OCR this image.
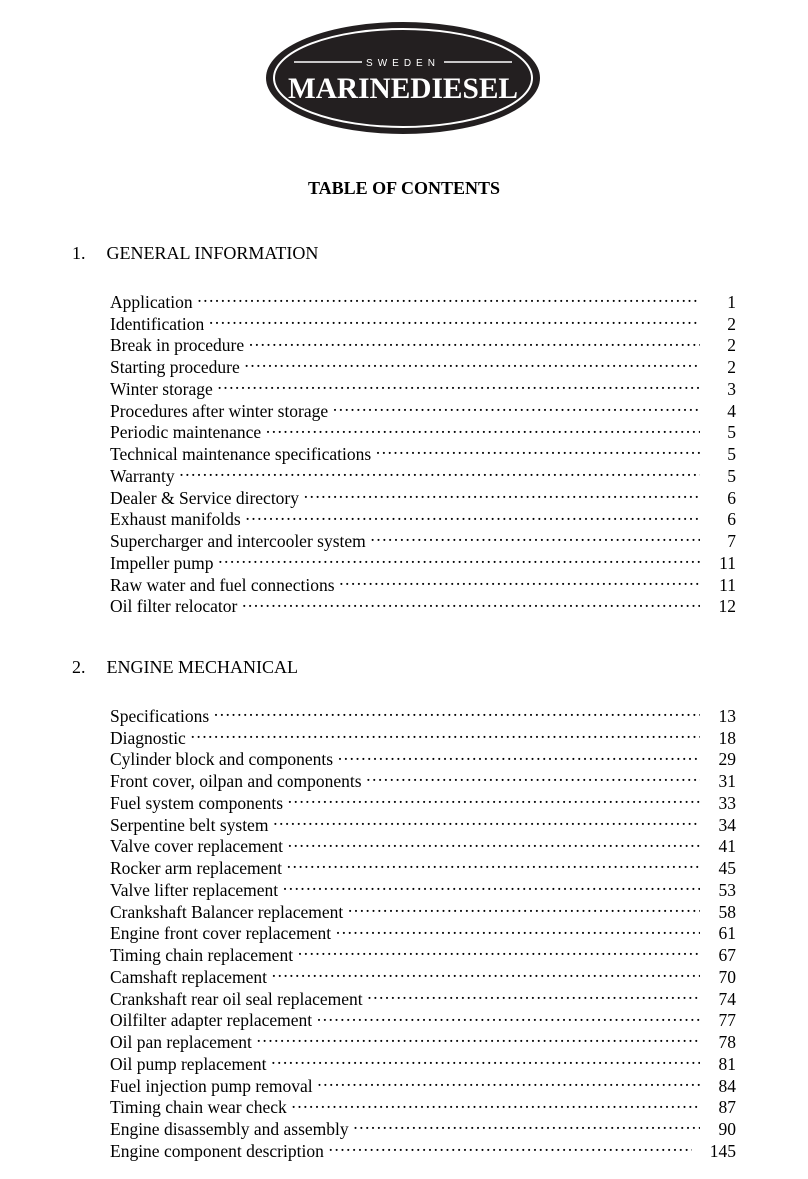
SWEDEN
MARINEDIESEL
TABLE OF CONTENTS
1. GENERAL INFORMATION
Application ……………………………………………………………………………………………………………………………………………………………………	1
Identification ……………………………………………………………………………………………………………………………………………………………………	2
Break in procedure ……………………………………………………………………………………………………………………………………………………………………	2
Starting procedure ……………………………………………………………………………………………………………………………………………………………………	2
Winter storage ……………………………………………………………………………………………………………………………………………………………………	3
Procedures after winter storage ……………………………………………………………………………………………………………………………………………………………………	4
Periodic maintenance ……………………………………………………………………………………………………………………………………………………………………	5
Technical maintenance specifications ……………………………………………………………………………………………………………………………………………………………………	5
Warranty ……………………………………………………………………………………………………………………………………………………………………	5
Dealer & Service directory ……………………………………………………………………………………………………………………………………………………………………	6
Exhaust manifolds ……………………………………………………………………………………………………………………………………………………………………	6
Supercharger and intercooler system ……………………………………………………………………………………………………………………………………………………………………	7
Impeller pump ……………………………………………………………………………………………………………………………………………………………………	11
Raw water and fuel connections ……………………………………………………………………………………………………………………………………………………………………	11
Oil filter relocator ……………………………………………………………………………………………………………………………………………………………………	12
2. ENGINE MECHANICAL
Specifications ……………………………………………………………………………………………………………………………………………………………………	13
Diagnostic ……………………………………………………………………………………………………………………………………………………………………	18
Cylinder block and components ……………………………………………………………………………………………………………………………………………………………………	29
Front cover, oilpan and components ……………………………………………………………………………………………………………………………………………………………………	31
Fuel system components ……………………………………………………………………………………………………………………………………………………………………	33
Serpentine belt system ……………………………………………………………………………………………………………………………………………………………………	34
Valve cover replacement ……………………………………………………………………………………………………………………………………………………………………	41
Rocker arm replacement ……………………………………………………………………………………………………………………………………………………………………	45
Valve lifter replacement ……………………………………………………………………………………………………………………………………………………………………	53
Crankshaft Balancer replacement ……………………………………………………………………………………………………………………………………………………………………	58
Engine front cover replacement ……………………………………………………………………………………………………………………………………………………………………	61
Timing chain replacement ……………………………………………………………………………………………………………………………………………………………………	67
Camshaft replacement ……………………………………………………………………………………………………………………………………………………………………	70
Crankshaft rear oil seal replacement ……………………………………………………………………………………………………………………………………………………………………	74
Oilfilter adapter replacement ……………………………………………………………………………………………………………………………………………………………………	77
Oil pan replacement ……………………………………………………………………………………………………………………………………………………………………	78
Oil pump replacement ……………………………………………………………………………………………………………………………………………………………………	81
Fuel injection pump removal ……………………………………………………………………………………………………………………………………………………………………	84
Timing chain wear check ……………………………………………………………………………………………………………………………………………………………………	87
Engine disassembly and assembly ……………………………………………………………………………………………………………………………………………………………………	90
Engine component description ……………………………………………………………………………………………………………………………………………………………………	145
